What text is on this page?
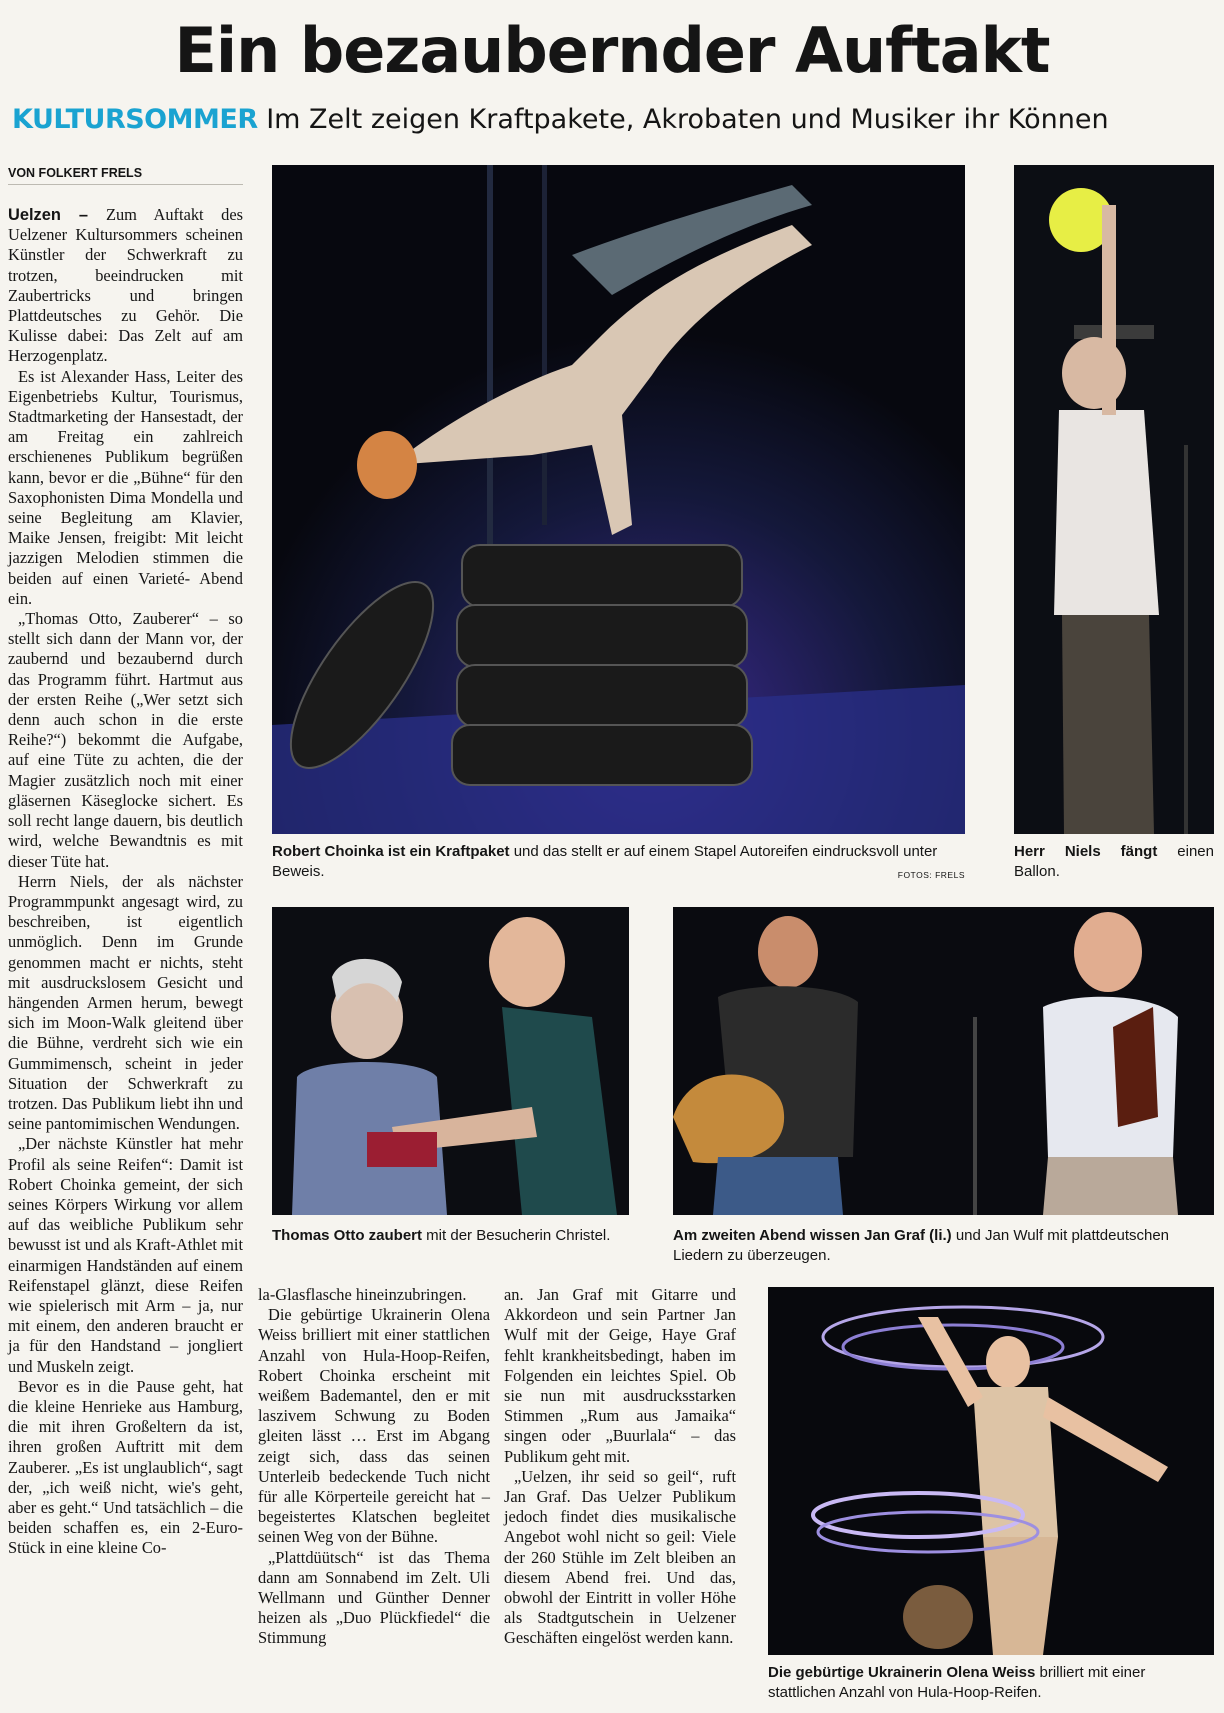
Ein bezaubernder Auftakt
KULTURSOMMER Im Zelt zeigen Kraftpakete, Akrobaten und Musiker ihr Können
VON FOLKERT FRELS

Uelzen – Zum Auftakt des Uelzener Kultursommers scheinen Künstler der Schwerkraft zu trotzen, beeindrucken mit Zaubertricks und bringen Plattdeutsches zu Gehör. Die Kulisse dabei: Das Zelt auf am Herzogenplatz.

Es ist Alexander Hass, Leiter des Eigenbetriebs Kultur, Tourismus, Stadtmarketing der Hansestadt, der am Freitag ein zahlreich erschienenes Publikum begrüßen kann, bevor er die „Bühne“ für den Saxophonisten Dima Mondella und seine Begleitung am Klavier, Maike Jensen, freigibt: Mit leicht jazzigen Melodien stimmen die beiden auf einen Varieté- Abend ein.

„Thomas Otto, Zauberer“ – so stellt sich dann der Mann vor, der zaubernd und bezaubernd durch das Programm führt. Hartmut aus der ersten Reihe („Wer setzt sich denn auch schon in die erste Reihe?“) bekommt die Aufgabe, auf eine Tüte zu achten, die der Magier zusätzlich noch mit einer gläsernen Käseglocke sichert. Es soll recht lange dauern, bis deutlich wird, welche Bewandtnis es mit dieser Tüte hat.

Herrn Niels, der als nächster Programmpunkt angesagt wird, zu beschreiben, ist eigentlich unmöglich. Denn im Grunde genommen macht er nichts, steht mit ausdruckslosem Gesicht und hängenden Armen herum, bewegt sich im Moon-Walk gleitend über die Bühne, verdreht sich wie ein Gummimensch, scheint in jeder Situation der Schwerkraft zu trotzen. Das Publikum liebt ihn und seine pantomimischen Wendungen.

„Der nächste Künstler hat mehr Profil als seine Reifen“: Damit ist Robert Choinka gemeint, der sich seines Körpers Wirkung vor allem auf das weibliche Publikum sehr bewusst ist und als Kraft-Athlet mit einarmigen Handständen auf einem Reifenstapel glänzt, diese Reifen wie spielerisch mit Arm – ja, nur mit einem, den anderen braucht er ja für den Handstand – jongliert und Muskeln zeigt.

Bevor es in die Pause geht, hat die kleine Henrieke aus Hamburg, die mit ihren Großeltern da ist, ihren großen Auftritt mit dem Zauberer. „Es ist unglaublich“, sagt der, „ich weiß nicht, wie's geht, aber es geht.“ Und tatsächlich – die beiden schaffen es, ein 2-Euro-Stück in eine kleine Co-

la-Glasflasche hineinzubringen.

Die gebürtige Ukrainerin Olena Weiss brilliert mit einer stattlichen Anzahl von Hula-Hoop-Reifen, Robert Choinka erscheint mit weißem Bademantel, den er mit laszivem Schwung zu Boden gleiten lässt … Erst im Abgang zeigt sich, dass das seinen Unterleib bedeckende Tuch nicht für alle Körperteile gereicht hat – begeistertes Klatschen begleitet seinen Weg von der Bühne.

„Plattdüütsch“ ist das Thema dann am Sonnabend im Zelt. Uli Wellmann und Günther Denner heizen als „Duo Plückfiedel“ die Stimmung

an. Jan Graf mit Gitarre und Akkordeon und sein Partner Jan Wulf mit der Geige, Haye Graf fehlt krankheitsbedingt, haben im Folgenden ein leichtes Spiel. Ob sie nun mit ausdrucksstarken Stimmen „Rum aus Jamaika“ singen oder „Buurlala“ – das Publikum geht mit.

„Uelzen, ihr seid so geil“, ruft Jan Graf. Das Uelzer Publikum jedoch findet dies musikalische Angebot wohl nicht so geil: Viele der 260 Stühle im Zelt bleiben an diesem Abend frei. Und das, obwohl der Eintritt in voller Höhe als Stadtgutschein in Uelzener Geschäften eingelöst werden kann.

Robert Choinka ist ein Kraftpaket und das stellt er auf einem Stapel Autoreifen eindrucksvoll unter Beweis.	FOTOS: FRELS
Herr Niels fängt einen Ballon.
Thomas Otto zaubert mit der Besucherin Christel.	Am zweiten Abend wissen Jan Graf (li.) und Jan Wulf mit plattdeutschen Liedern zu überzeugen.
Die gebürtige Ukrainerin Olena Weiss brilliert mit einer stattlichen Anzahl von Hula-Hoop-Reifen.
